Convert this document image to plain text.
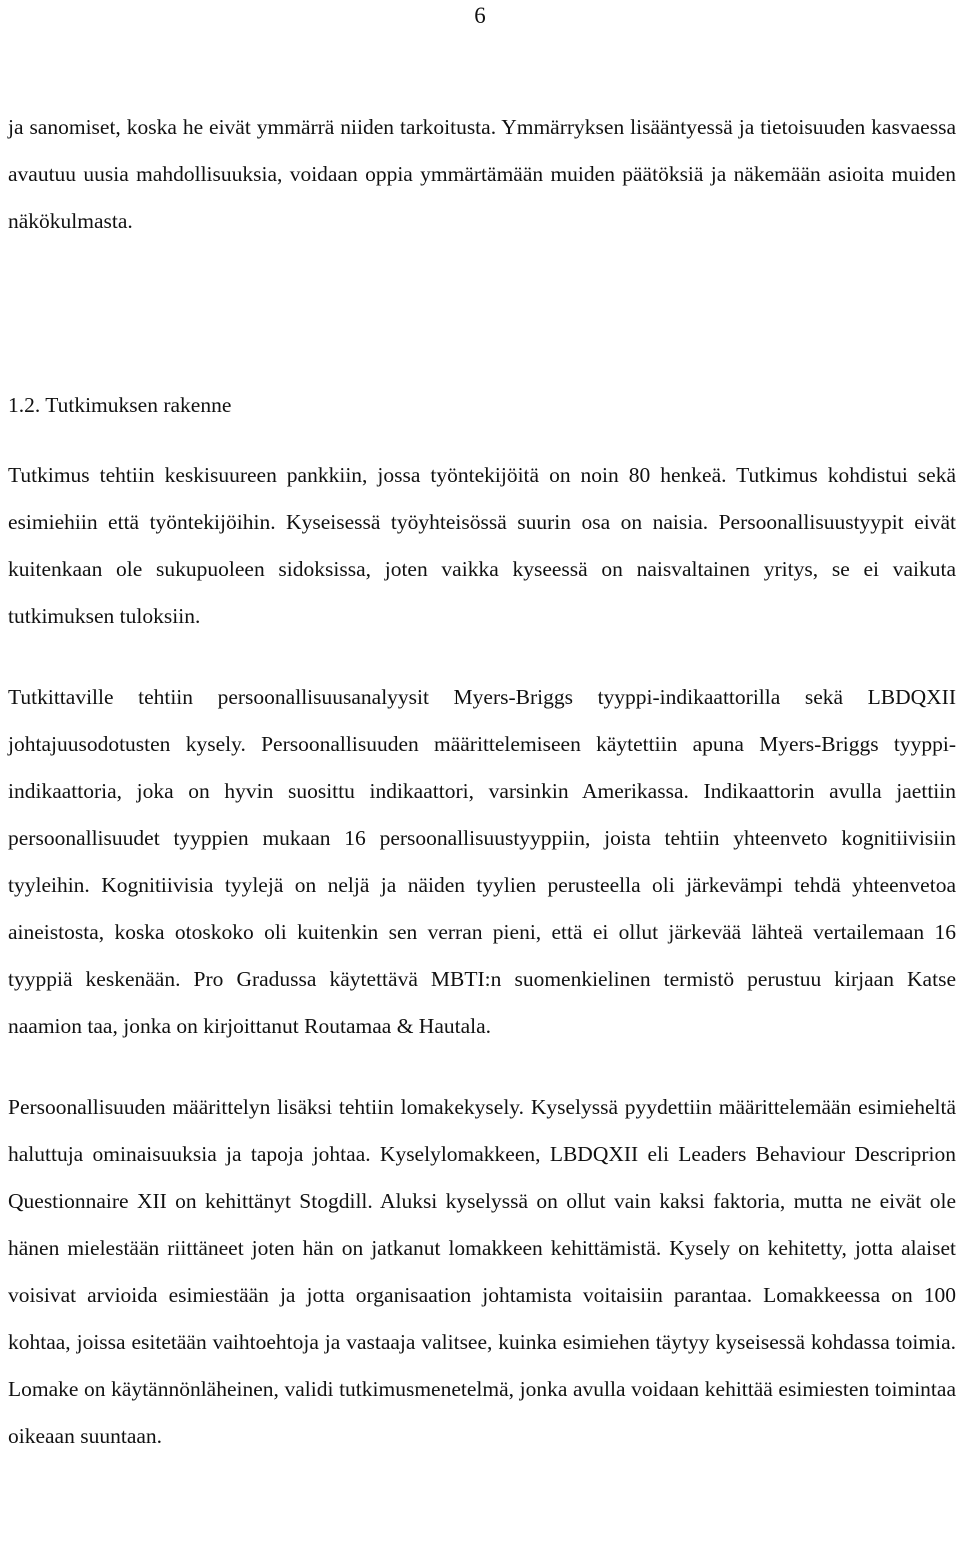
6

ja sanomiset, koska he eivät ymmärrä niiden tarkoitusta. Ymmärryksen lisääntyessä ja tietoisuuden kasvaessa avautuu uusia mahdollisuuksia, voidaan oppia ymmärtämään muiden päätöksiä ja näkemään asioita muiden näkökulmasta.

1.2. Tutkimuksen rakenne

Tutkimus tehtiin keskisuureen pankkiin, jossa työntekijöitä on noin 80 henkeä. Tutkimus kohdistui sekä esimiehiin että työntekijöihin. Kyseisessä työyhteisössä suurin osa on naisia. Persoonallisuustyypit eivät kuitenkaan ole sukupuoleen sidoksissa, joten vaikka kyseessä on naisvaltainen yritys, se ei vaikuta tutkimuksen tuloksiin.

Tutkittaville tehtiin persoonallisuusanalyysit Myers-Briggs tyyppi-indikaattorilla sekä LBDQXII johtajuusodotusten kysely. Persoonallisuuden määrittelemiseen käytettiin apuna Myers-Briggs tyyppi-indikaattoria, joka on hyvin suosittu indikaattori, varsinkin Amerikassa. Indikaattorin avulla jaettiin persoonallisuudet tyyppien mukaan 16 persoonallisuustyyppiin, joista tehtiin yhteenveto kognitiivisiin tyyleihin. Kognitiivisia tyylejä on neljä ja näiden tyylien perusteella oli järkevämpi tehdä yhteenvetoa aineistosta, koska otoskoko oli kuitenkin sen verran pieni, että ei ollut järkevää lähteä vertailemaan 16 tyyppiä keskenään. Pro Gradussa käytettävä MBTI:n suomenkielinen termistö perustuu kirjaan Katse naamion taa, jonka on kirjoittanut Routamaa & Hautala.

Persoonallisuuden määrittelyn lisäksi tehtiin lomakekysely. Kyselyssä pyydettiin määrittelemään esimieheltä haluttuja ominaisuuksia ja tapoja johtaa. Kyselylomakkeen, LBDQXII eli Leaders Behaviour Descriprion Questionnaire XII on kehittänyt Stogdill. Aluksi kyselyssä on ollut vain kaksi faktoria, mutta ne eivät ole hänen mielestään riittäneet joten hän on jatkanut lomakkeen kehittämistä. Kysely on kehitetty, jotta alaiset voisivat arvioida esimiestään ja jotta organisaation johtamista voitaisiin parantaa. Lomakkeessa on 100 kohtaa, joissa esitetään vaihtoehtoja ja vastaaja valitsee, kuinka esimiehen täytyy kyseisessä kohdassa toimia. Lomake on käytännönläheinen, validi tutkimusmenetelmä, jonka avulla voidaan kehittää esimiesten toimintaa oikeaan suuntaan.
